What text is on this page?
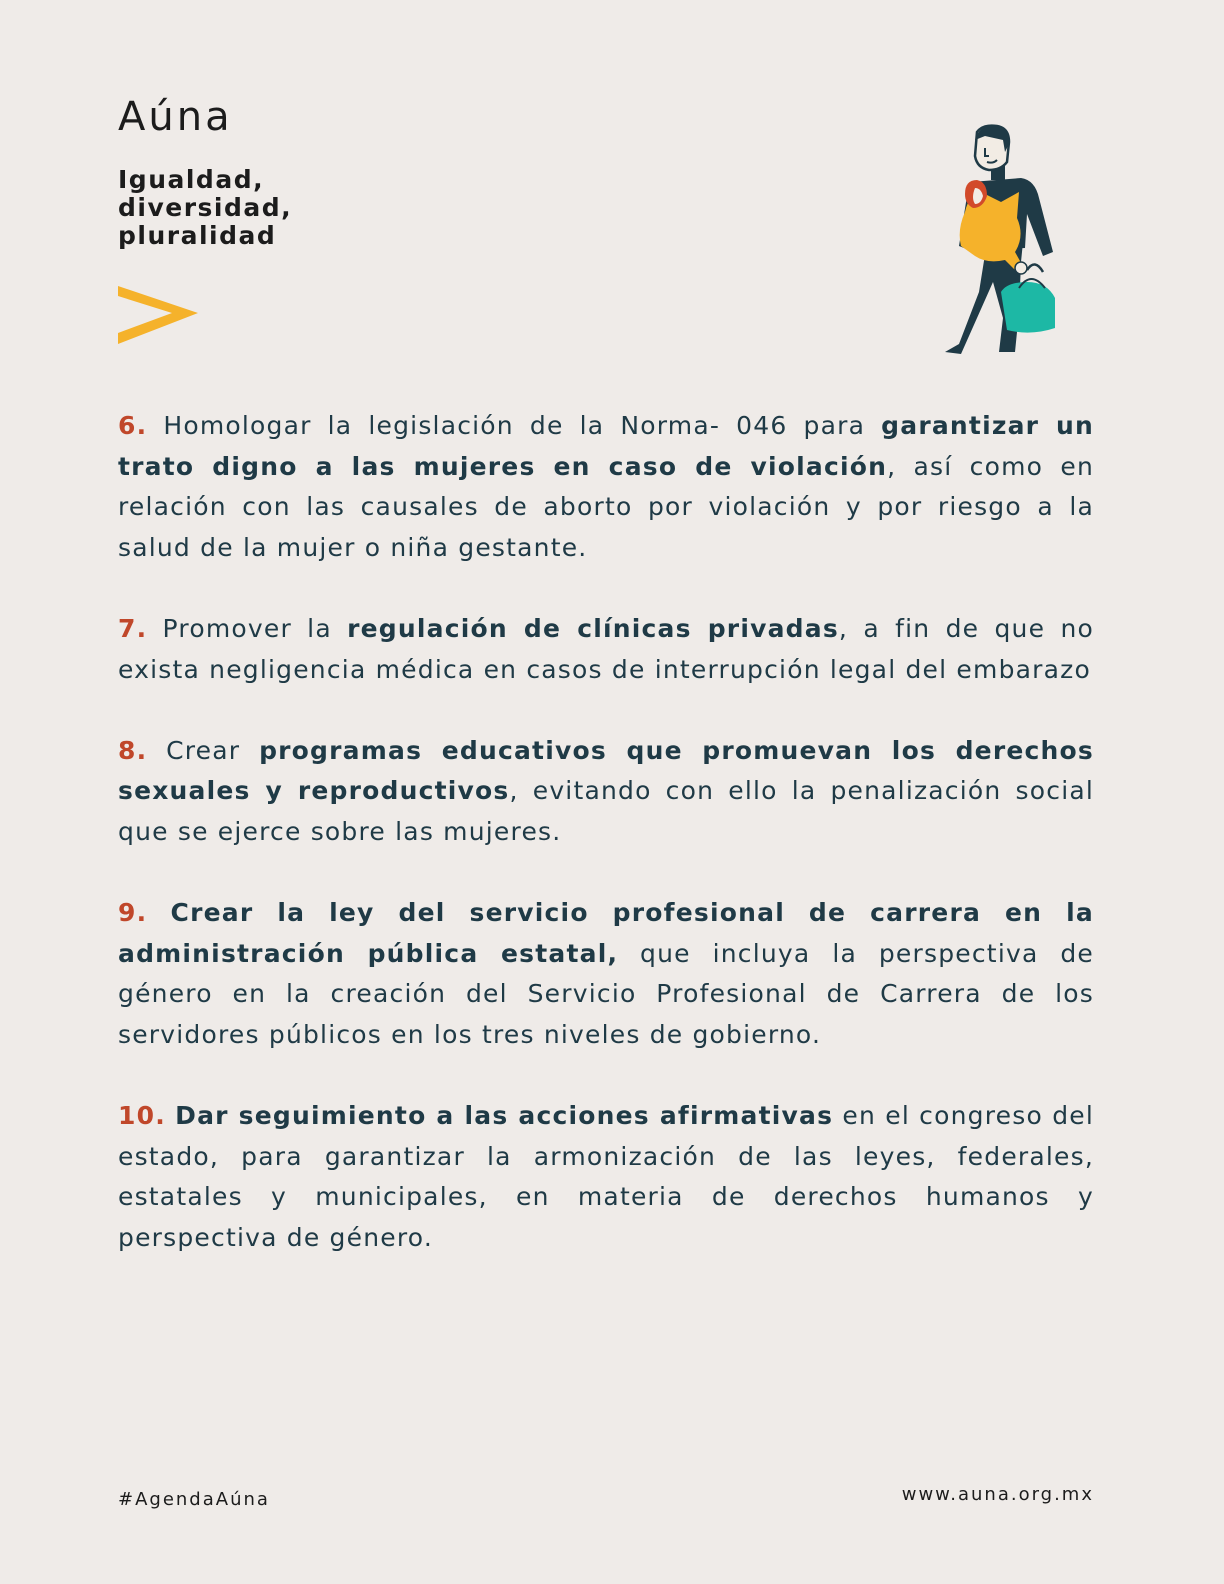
Aúna
Igualdad,
diversidad,
pluralidad

6. Homologar la legislación de la Norma- 046 para garantizar un trato digno a las mujeres en caso de violación, así como en relación con las causales de aborto por violación y por riesgo a la salud de la mujer o niña gestante.

7. Promover la regulación de clínicas privadas, a fin de que no exista negligencia médica en casos de interrupción legal del embarazo

8. Crear programas educativos que promuevan los derechos sexuales y reproductivos, evitando con ello la penalización social que se ejerce sobre las mujeres.

9. Crear la ley del servicio profesional de carrera en la administración pública estatal, que incluya la perspectiva de género en la creación del Servicio Profesional de Carrera de los servidores públicos en los tres niveles de gobierno.

10. Dar seguimiento a las acciones afirmativas en el congreso del estado, para garantizar la armonización de las leyes, federales, estatales y municipales, en materia de derechos humanos y perspectiva de género.

#AgendaAúna	www.auna.org.mx
